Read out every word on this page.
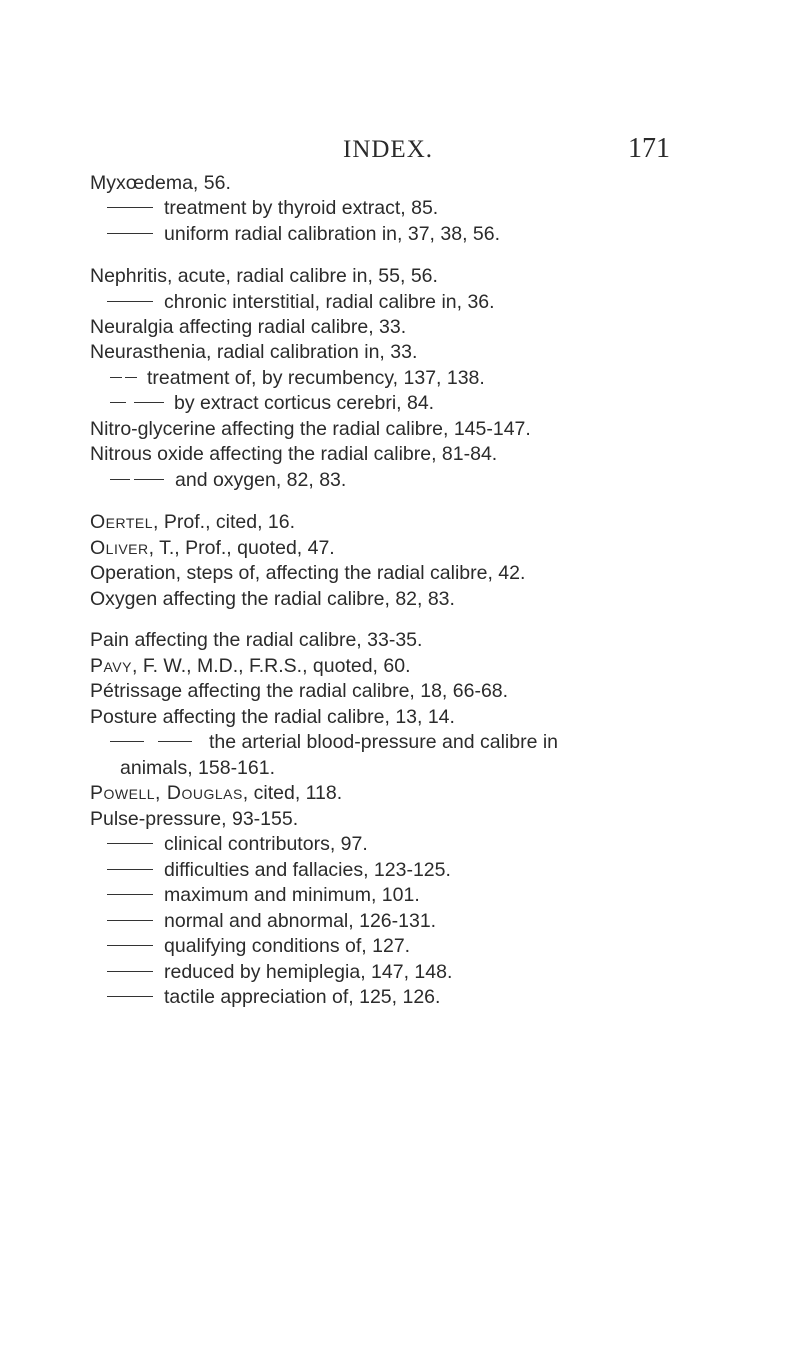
INDEX.	171
Myxœdema, 56.
treatment by thyroid extract, 85.
uniform radial calibration in, 37, 38, 56.
Nephritis, acute, radial calibre in, 55, 56.
chronic interstitial, radial calibre in, 36.
Neuralgia affecting radial calibre, 33.
Neurasthenia, radial calibration in, 33.
treatment of, by recumbency, 137, 138.
by extract corticus cerebri, 84.
Nitro-glycerine affecting the radial calibre, 145-147.
Nitrous oxide affecting the radial calibre, 81-84.
and oxygen, 82, 83.
Oertel, Prof., cited, 16.
Oliver, T., Prof., quoted, 47.
Operation, steps of, affecting the radial calibre, 42.
Oxygen affecting the radial calibre, 82, 83.
Pain affecting the radial calibre, 33-35.
Pavy, F. W., M.D., F.R.S., quoted, 60.
Pétrissage affecting the radial calibre, 18, 66-68.
Posture affecting the radial calibre, 13, 14.
the arterial blood-pressure and calibre in
animals, 158-161.
Powell, Douglas, cited, 118.
Pulse-pressure, 93-155.
clinical contributors, 97.
difficulties and fallacies, 123-125.
maximum and minimum, 101.
normal and abnormal, 126-131.
qualifying conditions of, 127.
reduced by hemiplegia, 147, 148.
tactile appreciation of, 125, 126.
